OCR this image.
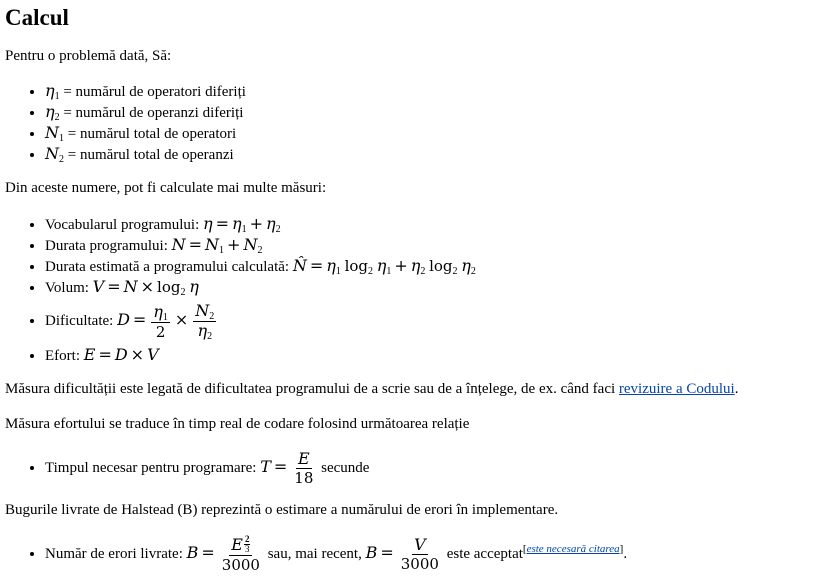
Calcul

Pentru o problemă dată, Să:

• $\eta_1$ = numărul de operatori diferiți
• $\eta_2$ = numărul de operanzi diferiți
• $N_1$ = numărul total de operatori
• $N_2$ = numărul total de operanzi

Din aceste numere, pot fi calculate mai multe măsuri:

• Vocabularul programului: $\eta = \eta_1 + \eta_2$
• Durata programului: $N = N_1 + N_2$
• Durata estimată a programului calculată: N̂ = $\eta_1$ $\log_2 \eta_1 + \eta_2$ $\log_2 \eta_2$
• Volum: $V = N \times \log_2 \eta$
• Dificultate: $D = \frac{\eta_1}{2} \times \frac{N_2}{\eta_2}$
• Efort: E = D × V

Măsura dificultății este legată de dificultatea programului de a scrie sau de a înțelege, de ex. când faci revizuire a Codului.

Măsura efortului se traduce în timp real de codare folosind următoarea relație

• Timpul necesar pentru programare: $T = \frac{E}{18}$ secunde

Bugurile livrate de Halstead (B) reprezintă o estimare a numărului de erori în implementare.

• Număr de erori livrate: $B = \frac{E \frac{2}{3}}{3000}$ sau, mai recent, $B = \frac{V}{3000}$ este acceptat[este necesară citarea].
